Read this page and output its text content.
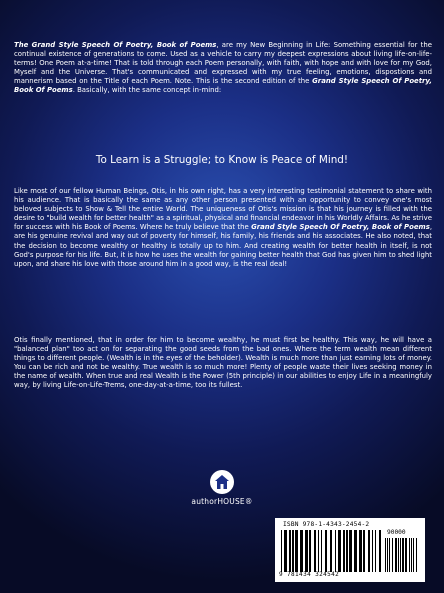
The Grand Style Speech Of Poetry, Book of Poems, are my New Beginning in Life: Something essential for the continual existence of generations to come. Used as a vehicle to carry my deepest expressions about living life-on-life-terms! One Poem at-a-time! That is told through each Poem personally, with faith, with hope and with love for my God, Myself and the Universe. That's communicated and expressed with my true feeling, emotions, dispostions and mannerism based on the Title of each Poem. Note. This is the second edition of the Grand Style Speech Of Poetry, Book Of Poems. Basically, with the same concept in-mind:
To Learn is a Struggle; to Know is Peace of Mind!
Like most of our fellow Human Beings, Otis, in his own right, has a very interesting testimonial statement to share with his audience. That is basically the same as any other person presented with an opportunity to convey one's most beloved subjects to Show & Tell the entire World. The uniqueness of Otis's mission is that his journey is filled with the desire to "build wealth for better health" as a spiritual, physical and financial endeavor in his Worldly Affairs. As he strive for success with his Book of Poems. Where he truly believe that the Grand Style Speech Of Poetry, Book of Poems, are his genuine revival and way out of poverty for himself, his family, his friends and his associates. He also noted, that the decision to become wealthy or healthy is totally up to him. And creating wealth for better health in itself, is not God's purpose for his life. But, it is how he uses the wealth for gaining better health that God has given him to shed light upon, and share his love with those around him in a good way, is the real deal!
Otis finally mentioned, that in order for him to become wealthy, he must first be healthy. This way, he will have a "balanced plan" too act on for separating the good seeds from the bad ones. Where the term wealth mean different things to different people. (Wealth is in the eyes of the beholder). Wealth is much more than just earning lots of money. You can be rich and not be wealthy. True wealth is so much more! Plenty of people waste their lives seeking money in the name of wealth. When true and real Wealth is the Power (5th principle) in our abilities to enjoy Life in a meaningfuly way, by living Life-on-Life-Trems, one-day-at-a-time, too its fullest.
authorHOUSE®
ISBN 978-1-4343-2454-2
90000
9 781434 324542
